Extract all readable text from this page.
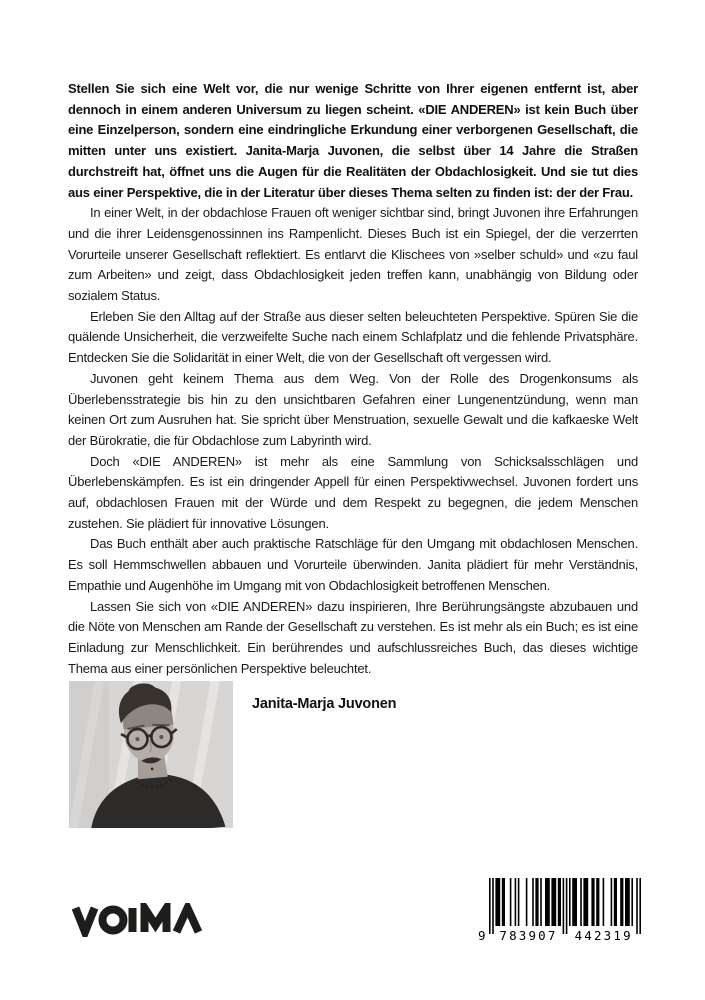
Stellen Sie sich eine Welt vor, die nur wenige Schritte von Ihrer eigenen entfernt ist, aber dennoch in einem anderen Universum zu liegen scheint. «DIE ANDEREN» ist kein Buch über eine Einzelperson, sondern eine eindringliche Erkundung einer verborgenen Gesellschaft, die mitten unter uns existiert. Janita-Marja Juvonen, die selbst über 14 Jahre die Straßen durchstreift hat, öffnet uns die Augen für die Realitäten der Obdachlosigkeit. Und sie tut dies aus einer Perspektive, die in der Literatur über dieses Thema selten zu finden ist: der der Frau.

In einer Welt, in der obdachlose Frauen oft weniger sichtbar sind, bringt Juvonen ihre Erfahrungen und die ihrer Leidensgenossinnen ins Rampenlicht. Dieses Buch ist ein Spiegel, der die verzerrten Vorurteile unserer Gesellschaft reflektiert. Es entlarvt die Klischees von »selber schuld» und «zu faul zum Arbeiten» und zeigt, dass Obdachlosigkeit jeden treffen kann, unabhängig von Bildung oder sozialem Status.

Erleben Sie den Alltag auf der Straße aus dieser selten beleuchteten Perspektive. Spüren Sie die quälende Unsicherheit, die verzweifelte Suche nach einem Schlafplatz und die fehlende Privatsphäre. Entdecken Sie die Solidarität in einer Welt, die von der Gesellschaft oft vergessen wird.

Juvonen geht keinem Thema aus dem Weg. Von der Rolle des Drogenkonsums als Überlebensstrategie bis hin zu den unsichtbaren Gefahren einer Lungenentzündung, wenn man keinen Ort zum Ausruhen hat. Sie spricht über Menstruation, sexuelle Gewalt und die kafkaeske Welt der Bürokratie, die für Obdachlose zum Labyrinth wird.

Doch «DIE ANDEREN» ist mehr als eine Sammlung von Schicksalsschlägen und Überlebenskämpfen. Es ist ein dringender Appell für einen Perspektivwechsel. Juvonen fordert uns auf, obdachlosen Frauen mit der Würde und dem Respekt zu begegnen, die jedem Menschen zustehen. Sie plädiert für innovative Lösungen.

Das Buch enthält aber auch praktische Ratschläge für den Umgang mit obdachlosen Menschen. Es soll Hemmschwellen abbauen und Vorurteile überwinden. Janita plädiert für mehr Verständnis, Empathie und Augenhöhe im Umgang mit von Obdachlosigkeit betroffenen Menschen.

Lassen Sie sich von «DIE ANDEREN» dazu inspirieren, Ihre Berührungsängste abzubauen und die Nöte von Menschen am Rande der Gesellschaft zu verstehen. Es ist mehr als ein Buch; es ist eine Einladung zur Menschlichkeit. Ein berührendes und aufschlussreiches Buch, das dieses wichtige Thema aus einer persönlichen Perspektive beleuchtet.

Janita-Marja Juvonen
9 783907 442319
